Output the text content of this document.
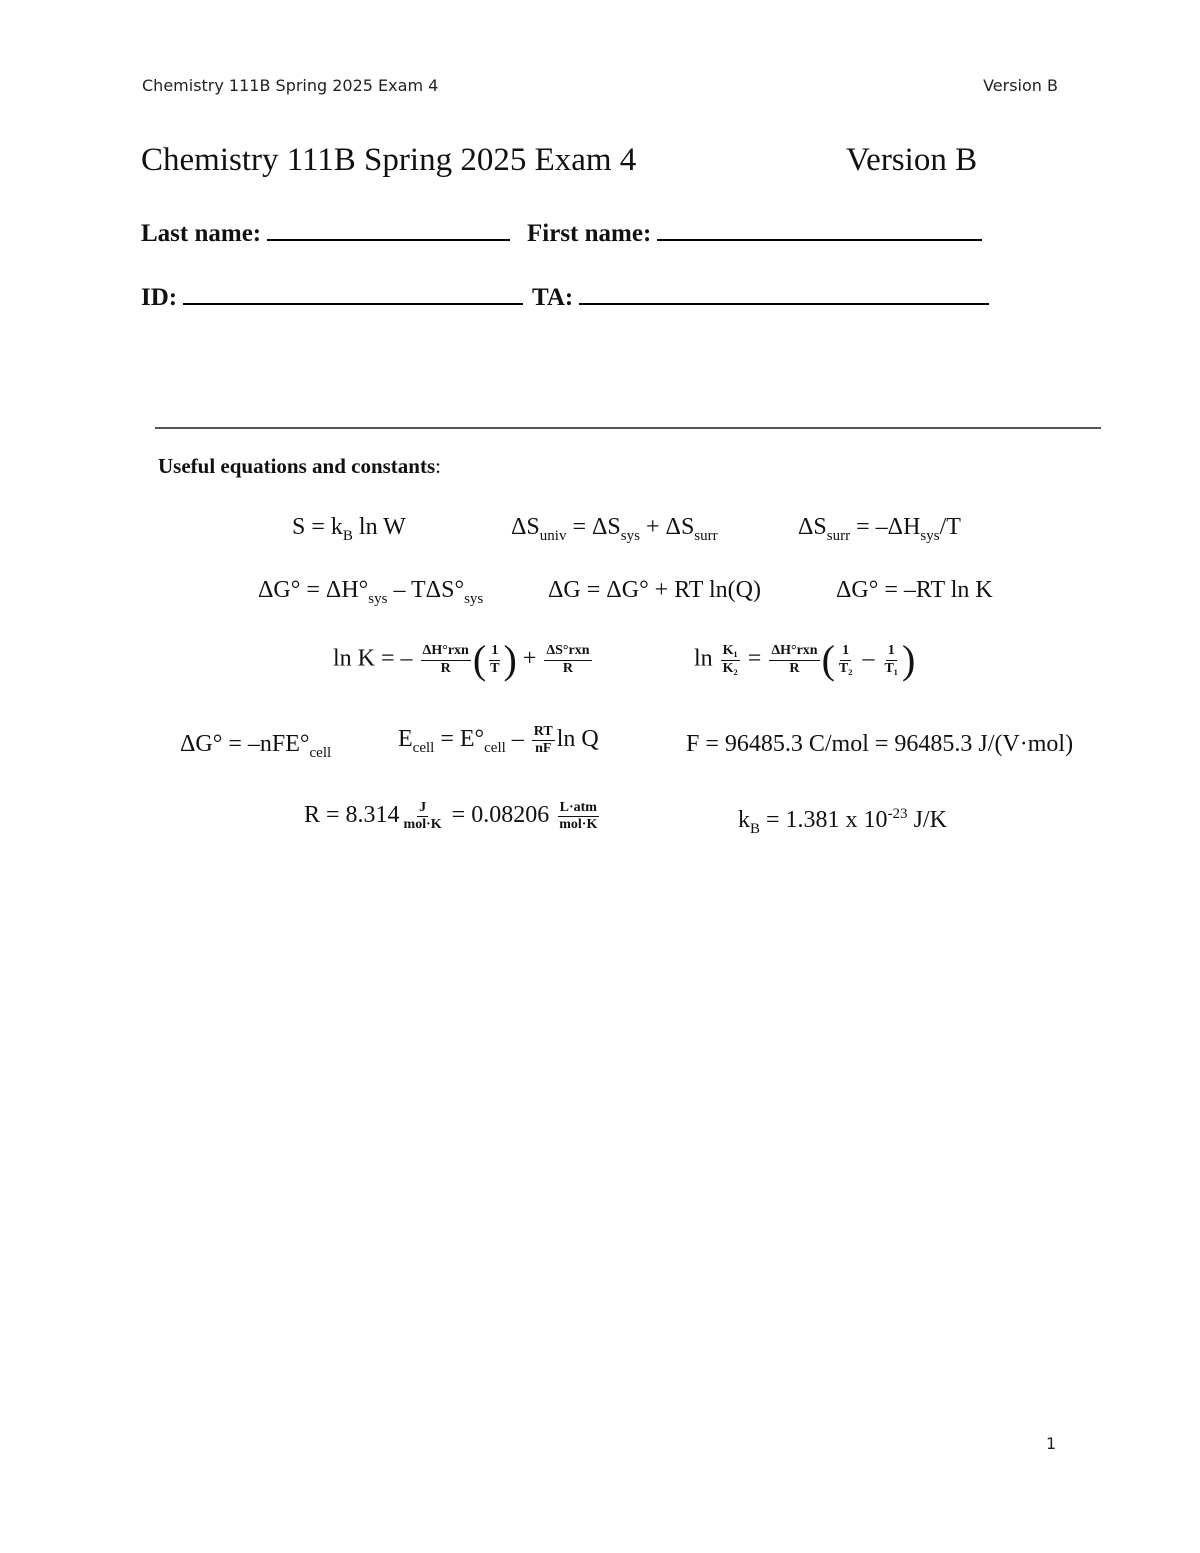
Chemistry 111B Spring 2025 Exam 4	Version B
Chemistry 111B Spring 2025 Exam 4	Version B
Last name:	First name:
ID:	TA:
Useful equations and constants:
$S = k_B$ ln W	$\Delta S_{univ} = \Delta S_{sys} + \Delta S_{surr}$	$\Delta S_{surr} = -\Delta H_{sys}/T$
$\Delta G^\circ = \Delta H^\circ_{sys} - T\Delta S^\circ_{sys}$	ΔG = ΔG° + RT ln(Q)	ΔG° = –RT ln K
ln K = – $\frac{\text{ΔH°rxn}}{R}$ ( $\frac{1}{T}$ ) + $\frac{\text{ΔS°rxn}}{R}$	$\ln \frac{\text{K₁}}{\text{K₂}} = \frac{\text{ΔH°rxn}}{R}$ ( $\frac{1}{\text{T₂}} - \frac{1}{\text{T₁}}$ )
$\Delta G^\circ = -nFE^\circ_{cell}$
$E_{cell} = E^\circ_{cell} - \frac{RT}{nF}$ ln Q	F = 96485.3 C/mol = 96485.3 J/(V·mol)
$R = 8.314 \frac{J}{\text{mol·K}} = 0.08206 \frac{\text{L·atm}}{\text{mol·K}}$	$k_B = 1.381$ x $10^{-23}$ J/K
1
